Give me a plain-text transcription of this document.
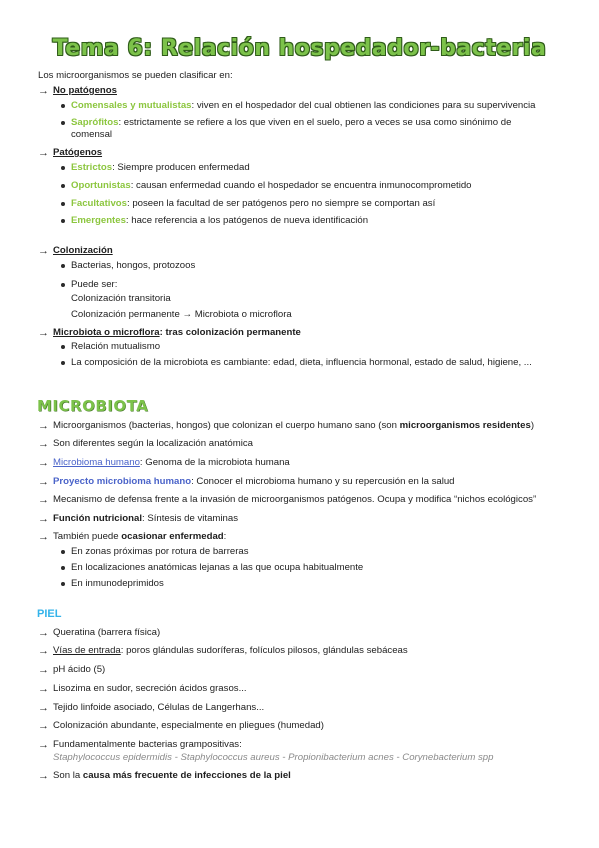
Tema 6: Relación hospedador-bacteria
Los microorganismos se pueden clasificar en:
→ No patógenos
Comensales y mutualistas: viven en el hospedador del cual obtienen las condiciones para su supervivencia
Saprófitos: estrictamente se refiere a los que viven en el suelo, pero a veces se usa como sinónimo de
comensal
→ Patógenos
Estrictos: Siempre producen enfermedad
Oportunistas: causan enfermedad cuando el hospedador se encuentra inmunocomprometido
Facultativos: poseen la facultad de ser patógenos pero no siempre se comportan así
Emergentes: hace referencia a los patógenos de nueva identificación
→ Colonización
Bacterias, hongos, protozoos
Puede ser:
Colonización transitoria
Colonización permanente → Microbiota o microflora
→ Microbiota o microflora: tras colonización permanente
Relación mutualismo
La composición de la microbiota es cambiante: edad, dieta, influencia hormonal, estado de salud, higiene, ...
MICROBIOTA
→ Microorganismos (bacterias, hongos) que colonizan el cuerpo humano sano (son microorganismos residentes)
→ Son diferentes según la localización anatómica
→ Microbioma humano: Genoma de la microbiota humana
→ Proyecto microbioma humano: Conocer el microbioma humano y su repercusión en la salud
→ Mecanismo de defensa frente a la invasión de microorganismos patógenos. Ocupa y modifica “nichos ecológicos”
→ Función nutricional: Síntesis de vitaminas
→ También puede ocasionar enfermedad:
En zonas próximas por rotura de barreras
En localizaciones anatómicas lejanas a las que ocupa habitualmente
En inmunodeprimidos
PIEL
→ Queratina (barrera física)
→ Vías de entrada: poros glándulas sudoríferas, folículos pilosos, glándulas sebáceas
→ pH ácido (5)
→ Lisozima en sudor, secreción ácidos grasos...
→ Tejido linfoide asociado, Células de Langerhans...
→ Colonización abundante, especialmente en pliegues (humedad)
→ Fundamentalmente bacterias grampositivas:
Staphylococcus epidermidis - Staphylococcus aureus - Propionibacterium acnes - Corynebacterium spp
→ Son la causa más frecuente de infecciones de la piel
